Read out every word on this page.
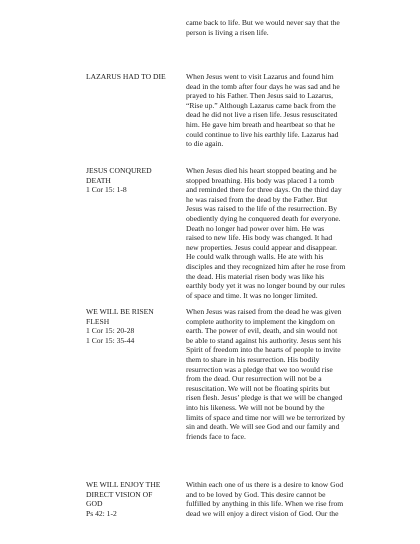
came back to life. But we would never say that the
person is living a risen life.
LAZARUS HAD TO DIE	When Jesus went to visit Lazarus and found him
dead in the tomb after four days he was sad and he
prayed to his Father. Then Jesus said to Lazarus,
“Rise up.” Although Lazarus came back from the
dead he did not live a risen life. Jesus resuscitated
him. He gave him breath and heartbeat so that he
could continue to live his earthly life. Lazarus had
to die again.
JESUS CONQURED
DEATH
1 Cor 15: 1-8
When Jesus died his heart stopped beating and he
stopped breathing. His body was placed I a tomb
and reminded there for three days. On the third day
he was raised from the dead by the Father. But
Jesus was raised to the life of the resurrection. By
obediently dying he conquered death for everyone.
Death no longer had power over him. He was
raised to new life. His body was changed. It had
new properties. Jesus could appear and disappear.
He could walk through walls. He ate with his
disciples and they recognized him after he rose from
the dead. His material risen body was like his
earthly body yet it was no longer bound by our rules
of space and time. It was no longer limited.
WE WILL BE RISEN
FLESH
1 Cor 15: 20-28
1 Cor 15: 35-44
When Jesus was raised from the dead he was given
complete authority to implement the kingdom on
earth. The power of evil, death, and sin would not
be able to stand against his authority. Jesus sent his
Spirit of freedom into the hearts of people to invite
them to share in his resurrection. His bodily
resurrection was a pledge that we too would rise
from the dead. Our resurrection will not be a
resuscitation. We will not be floating spirits but
risen flesh. Jesus’ pledge is that we will be changed
into his likeness. We will not be bound by the
limits of space and time nor will we be terrorized by
sin and death. We will see God and our family and
friends face to face.
WE WILL ENJOY THE
DIRECT VISION OF
GOD
Ps 42: 1-2
Within each one of us there is a desire to know God
and to be loved by God. This desire cannot be
fulfilled by anything in this life. When we rise from
dead we will enjoy a direct vision of God. Our the
